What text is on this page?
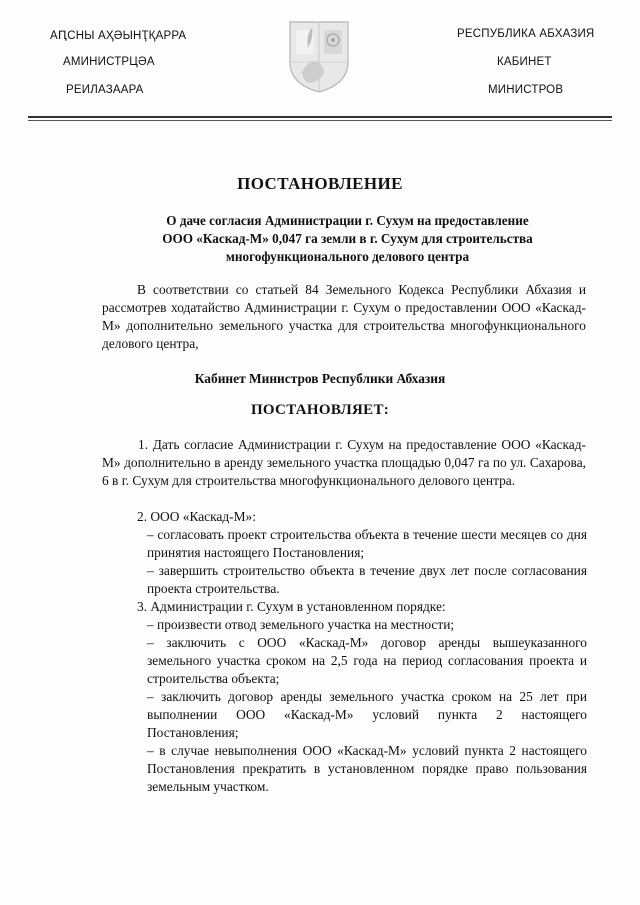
АԤСНЫ АҲӘЫНҬҚАРРА
АМИНИСТРЦӘА
РЕИЛАЗААРА
РЕСПУБЛИКА АБХАЗИЯ
КАБИНЕТ
МИНИСТРОВ
ПОСТАНОВЛЕНИЕ
О даче согласия Администрации г. Сухум на предоставление
ООО «Каскад-М» 0,047 га земли в г. Сухум для строительства
многофункционального делового центра
В соответствии со статьей 84 Земельного Кодекса Республики Абхазия и рассмотрев ходатайство Администрации г. Сухум о предоставлении ООО «Каскад-М» дополнительно земельного участка для строительства многофункционального делового центра,
Кабинет Министров Республики Абхазия
ПОСТАНОВЛЯЕТ:
1. Дать согласие Администрации г. Сухум на предоставление ООО «Каскад-М» дополнительно в аренду земельного участка площадью 0,047 га по ул. Сахарова, 6 в г. Сухум для строительства многофункционального делового центра.
2. ООО «Каскад-М»:
– согласовать проект строительства объекта в течение шести месяцев со дня принятия настоящего Постановления;
– завершить строительство объекта в течение двух лет после согласования проекта строительства.
3. Администрации г. Сухум в установленном порядке:
– произвести отвод земельного участка на местности;
– заключить с ООО «Каскад-М» договор аренды вышеуказанного земельного участка сроком на 2,5 года на период согласования проекта и строительства объекта;
– заключить договор аренды земельного участка сроком на 25 лет при выполнении ООО «Каскад-М» условий пункта 2 настоящего Постановления;
– в случае невыполнения ООО «Каскад-М» условий пункта 2 настоящего Постановления прекратить в установленном порядке право пользования земельным участком.
